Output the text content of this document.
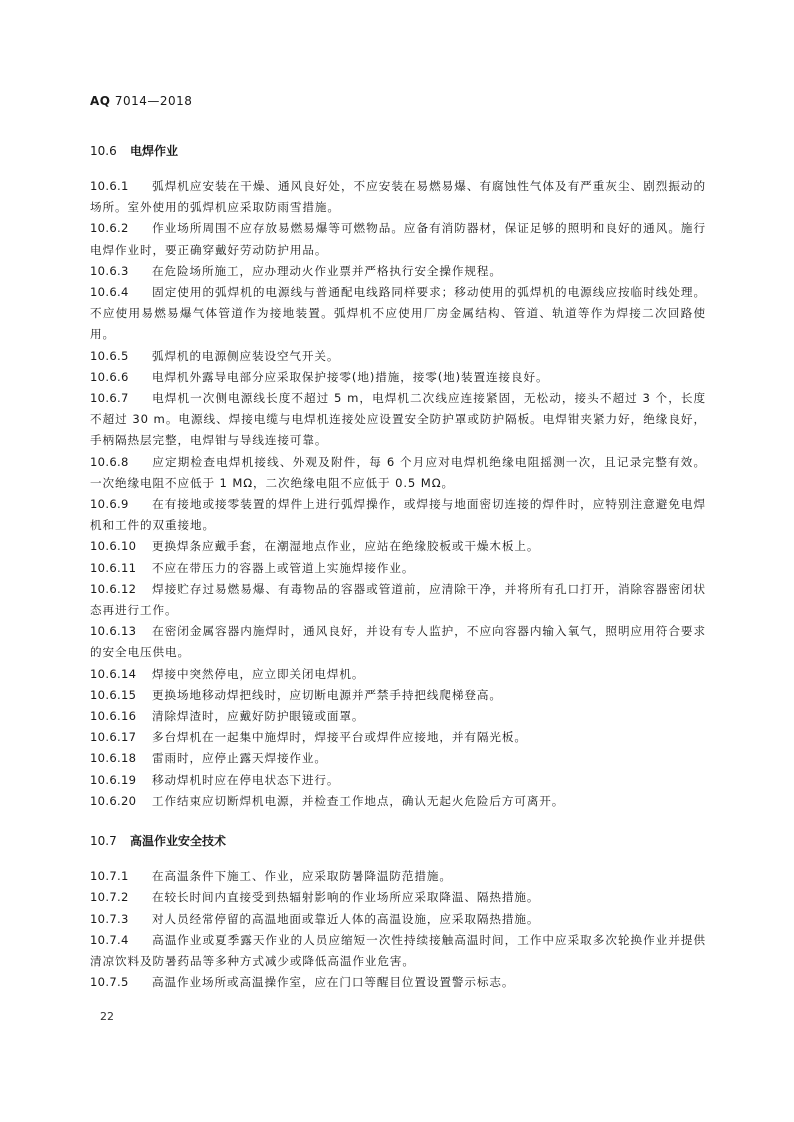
AQ 7014—2018
10.6 电焊作业

10.6.1 弧焊机应安装在干燥、通风良好处，不应安装在易燃易爆、有腐蚀性气体及有严重灰尘、剧烈振动的场所。室外使用的弧焊机应采取防雨雪措施。

10.6.2 作业场所周围不应存放易燃易爆等可燃物品。应备有消防器材，保证足够的照明和良好的通风。施行电焊作业时，要正确穿戴好劳动防护用品。

10.6.3 在危险场所施工，应办理动火作业票并严格执行安全操作规程。

10.6.4 固定使用的弧焊机的电源线与普通配电线路同样要求；移动使用的弧焊机的电源线应按临时线处理。不应使用易燃易爆气体管道作为接地装置。弧焊机不应使用厂房金属结构、管道、轨道等作为焊接二次回路使用。

10.6.5 弧焊机的电源侧应装设空气开关。

10.6.6 电焊机外露导电部分应采取保护接零(地)措施，接零(地)装置连接良好。

10.6.7 电焊机一次侧电源线长度不超过 5 m，电焊机二次线应连接紧固，无松动，接头不超过 3 个，长度不超过 30 m。电源线、焊接电缆与电焊机连接处应设置安全防护罩或防护隔板。电焊钳夹紧力好，绝缘良好，手柄隔热层完整，电焊钳与导线连接可靠。

10.6.8 应定期检查电焊机接线、外观及附件，每 6 个月应对电焊机绝缘电阻摇测一次，且记录完整有效。一次绝缘电阻不应低于 1 MΩ，二次绝缘电阻不应低于 0.5 MΩ。

10.6.9 在有接地或接零装置的焊件上进行弧焊操作，或焊接与地面密切连接的焊件时，应特别注意避免电焊机和工件的双重接地。

10.6.10 更换焊条应戴手套，在潮湿地点作业，应站在绝缘胶板或干燥木板上。

10.6.11 不应在带压力的容器上或管道上实施焊接作业。

10.6.12 焊接贮存过易燃易爆、有毒物品的容器或管道前，应清除干净，并将所有孔口打开，消除容器密闭状态再进行工作。

10.6.13 在密闭金属容器内施焊时，通风良好，并设有专人监护，不应向容器内输入氧气，照明应用符合要求的安全电压供电。

10.6.14 焊接中突然停电，应立即关闭电焊机。

10.6.15 更换场地移动焊把线时，应切断电源并严禁手持把线爬梯登高。

10.6.16 清除焊渣时，应戴好防护眼镜或面罩。

10.6.17 多台焊机在一起集中施焊时，焊接平台或焊件应接地，并有隔光板。

10.6.18 雷雨时，应停止露天焊接作业。

10.6.19 移动焊机时应在停电状态下进行。

10.6.20 工作结束应切断焊机电源，并检查工作地点，确认无起火危险后方可离开。

10.7 高温作业安全技术

10.7.1 在高温条件下施工、作业，应采取防暑降温防范措施。

10.7.2 在较长时间内直接受到热辐射影响的作业场所应采取降温、隔热措施。

10.7.3 对人员经常停留的高温地面或靠近人体的高温设施，应采取隔热措施。

10.7.4 高温作业或夏季露天作业的人员应缩短一次性持续接触高温时间，工作中应采取多次轮换作业并提供清凉饮料及防暑药品等多种方式减少或降低高温作业危害。

10.7.5 高温作业场所或高温操作室，应在门口等醒目位置设置警示标志。

22
